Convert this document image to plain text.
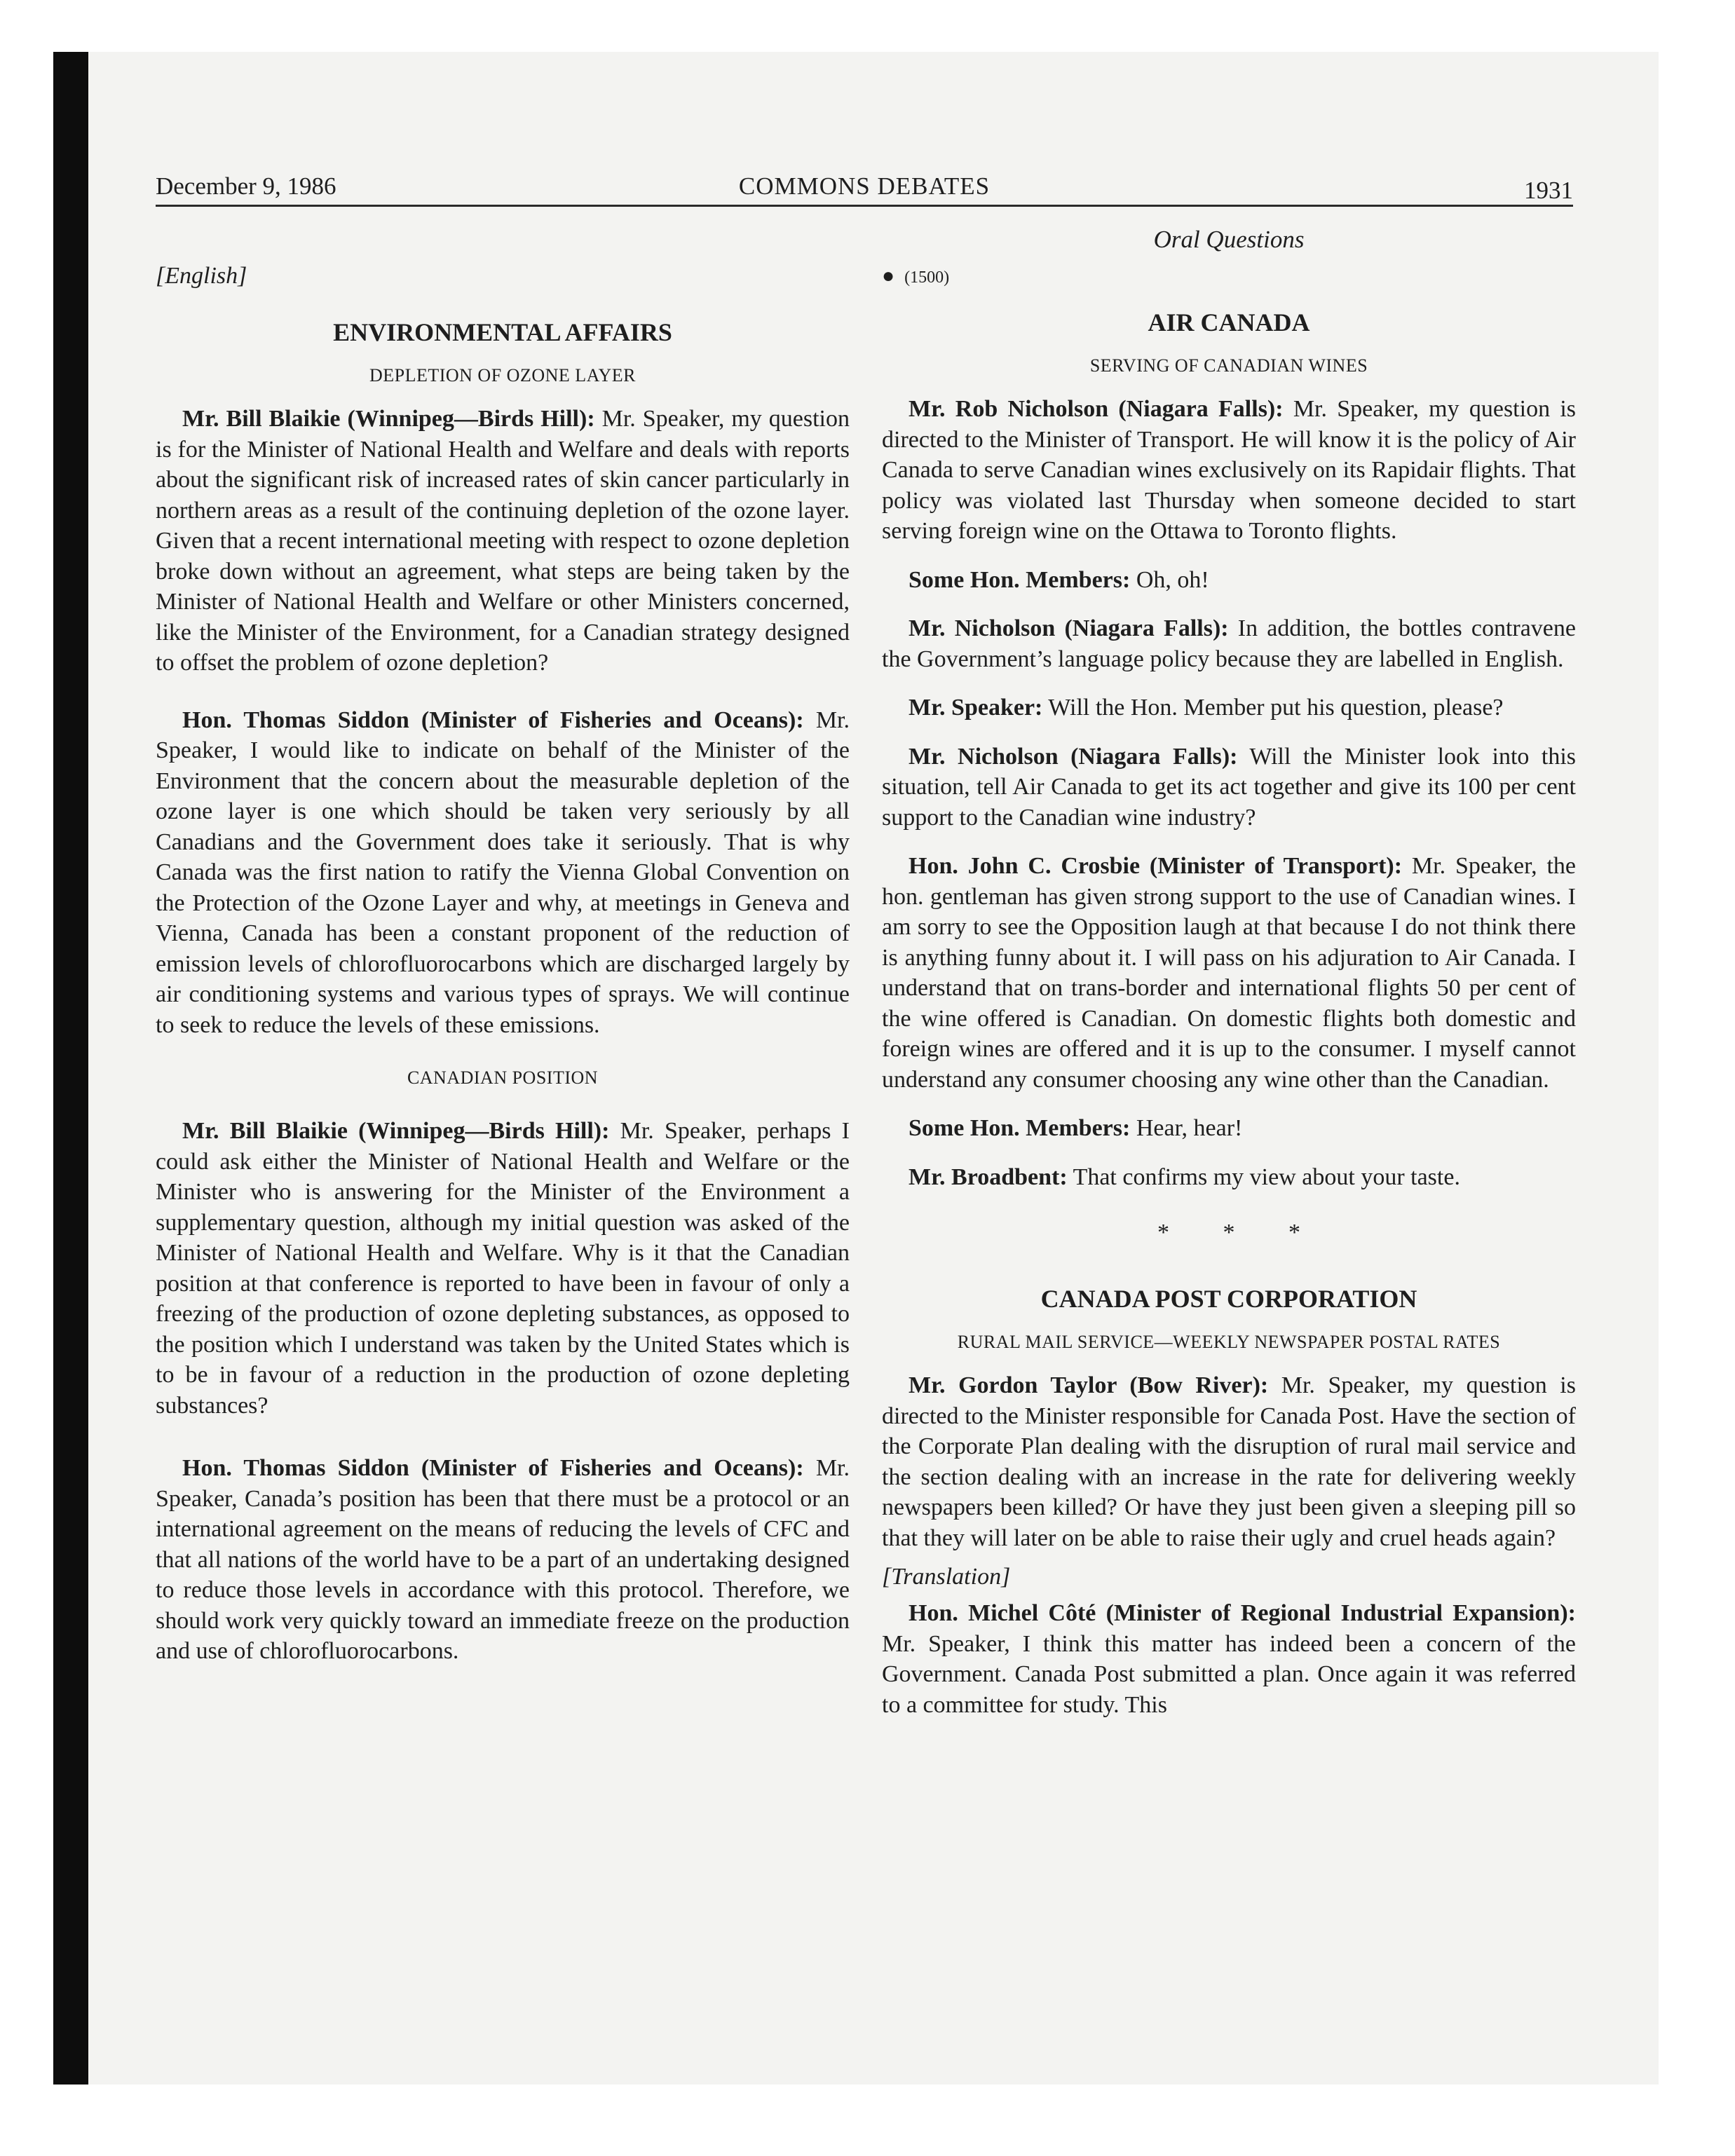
December 9, 1986	COMMONS DEBATES	1931
[English]
ENVIRONMENTAL AFFAIRS
DEPLETION OF OZONE LAYER

Mr. Bill Blaikie (Winnipeg—Birds Hill): Mr. Speaker, my question is for the Minister of National Health and Welfare and deals with reports about the significant risk of increased rates of skin cancer particularly in northern areas as a result of the continuing depletion of the ozone layer. Given that a recent international meeting with respect to ozone depletion broke down without an agreement, what steps are being taken by the Minister of National Health and Welfare or other Ministers concerned, like the Minister of the Environment, for a Canadian strategy designed to offset the problem of ozone depletion?

Hon. Thomas Siddon (Minister of Fisheries and Oceans): Mr. Speaker, I would like to indicate on behalf of the Minister of the Environment that the concern about the measurable depletion of the ozone layer is one which should be taken very seriously by all Canadians and the Government does take it seriously. That is why Canada was the first nation to ratify the Vienna Global Convention on the Protection of the Ozone Layer and why, at meetings in Geneva and Vienna, Canada has been a constant proponent of the reduction of emission levels of chlorofluorocarbons which are discharged largely by air conditioning systems and various types of sprays. We will continue to seek to reduce the levels of these emissions.

CANADIAN POSITION

Mr. Bill Blaikie (Winnipeg—Birds Hill): Mr. Speaker, perhaps I could ask either the Minister of National Health and Welfare or the Minister who is answering for the Minister of the Environment a supplementary question, although my initial question was asked of the Minister of National Health and Welfare. Why is it that the Canadian position at that conference is reported to have been in favour of only a freezing of the production of ozone depleting substances, as opposed to the position which I understand was taken by the United States which is to be in favour of a reduction in the production of ozone depleting substances?

Hon. Thomas Siddon (Minister of Fisheries and Oceans): Mr. Speaker, Canada’s position has been that there must be a protocol or an international agreement on the means of reducing the levels of CFC and that all nations of the world have to be a part of an undertaking designed to reduce those levels in accordance with this protocol. Therefore, we should work very quickly toward an immediate freeze on the production and use of chlorofluorocarbons.

Oral Questions
● (1500)
AIR CANADA
SERVING OF CANADIAN WINES

Mr. Rob Nicholson (Niagara Falls): Mr. Speaker, my question is directed to the Minister of Transport. He will know it is the policy of Air Canada to serve Canadian wines exclusively on its Rapidair flights. That policy was violated last Thursday when someone decided to start serving foreign wine on the Ottawa to Toronto flights.

Some Hon. Members: Oh, oh!

Mr. Nicholson (Niagara Falls): In addition, the bottles contravene the Government’s language policy because they are labelled in English.

Mr. Speaker: Will the Hon. Member put his question, please?

Mr. Nicholson (Niagara Falls): Will the Minister look into this situation, tell Air Canada to get its act together and give its 100 per cent support to the Canadian wine industry?

Hon. John C. Crosbie (Minister of Transport): Mr. Speaker, the hon. gentleman has given strong support to the use of Canadian wines. I am sorry to see the Opposition laugh at that because I do not think there is anything funny about it. I will pass on his adjuration to Air Canada. I understand that on trans-border and international flights 50 per cent of the wine offered is Canadian. On domestic flights both domestic and foreign wines are offered and it is up to the consumer. I myself cannot understand any consumer choosing any wine other than the Canadian.

Some Hon. Members: Hear, hear!

Mr. Broadbent: That confirms my view about your taste.

* * *
CANADA POST CORPORATION
RURAL MAIL SERVICE—WEEKLY NEWSPAPER POSTAL RATES

Mr. Gordon Taylor (Bow River): Mr. Speaker, my question is directed to the Minister responsible for Canada Post. Have the section of the Corporate Plan dealing with the disruption of rural mail service and the section dealing with an increase in the rate for delivering weekly newspapers been killed? Or have they just been given a sleeping pill so that they will later on be able to raise their ugly and cruel heads again?

[Translation]

Hon. Michel Côté (Minister of Regional Industrial Expansion): Mr. Speaker, I think this matter has indeed been a concern of the Government. Canada Post submitted a plan. Once again it was referred to a committee for study. This
